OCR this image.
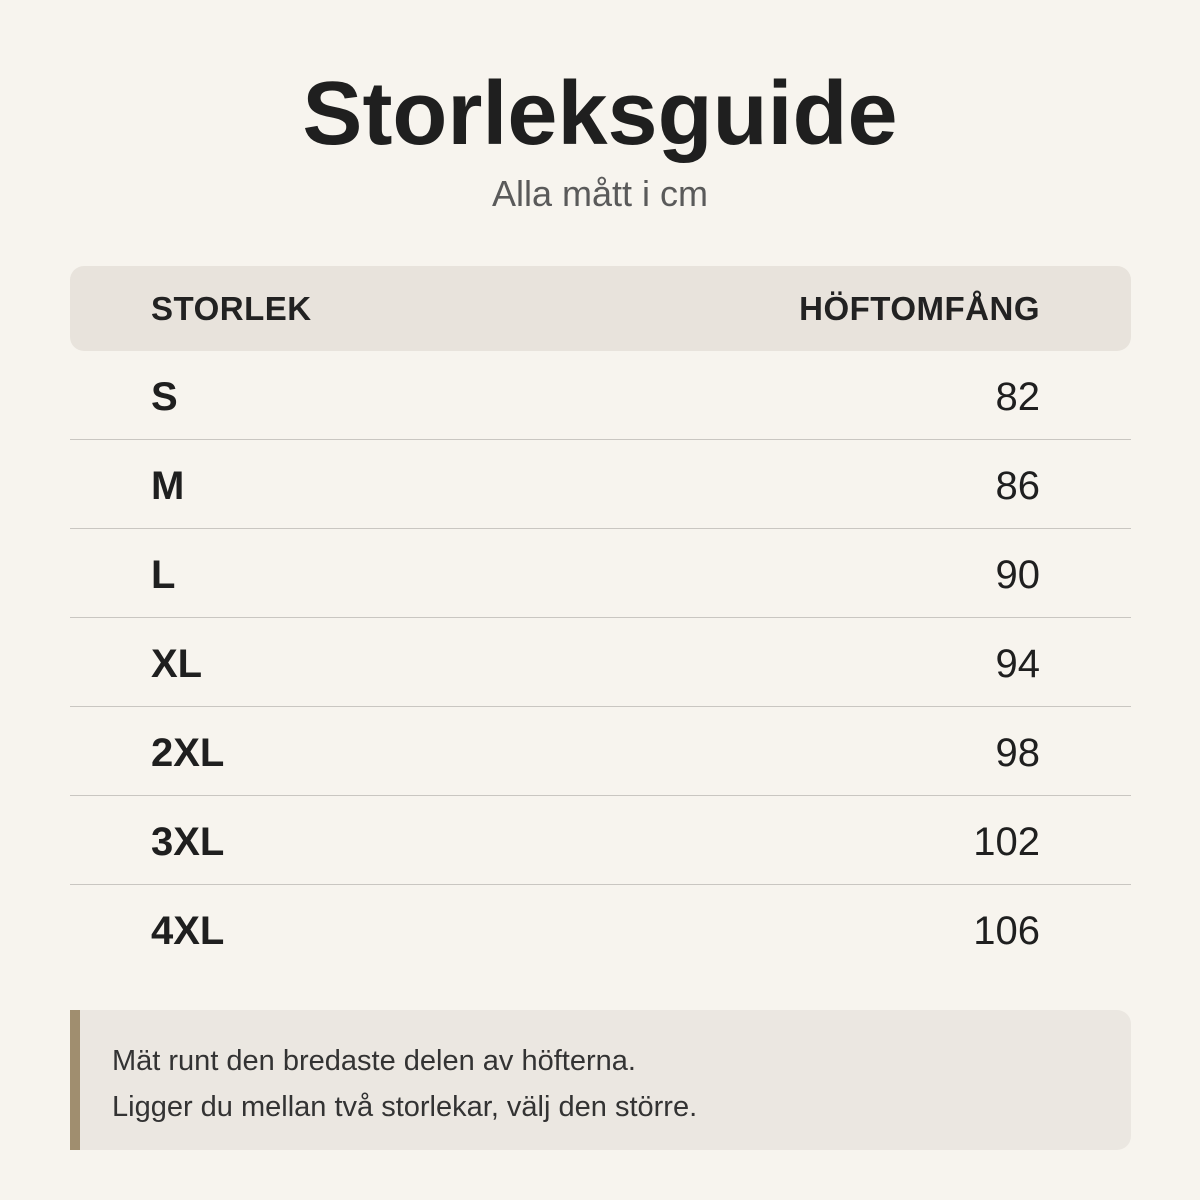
Storleksguide
Alla mått i cm
STORLEK	HÖFTOMFÅNG
S	82
M	86
L	90
XL	94
2XL	98
3XL	102
4XL	106
Mät runt den bredaste delen av höfterna.
Ligger du mellan två storlekar, välj den större.
